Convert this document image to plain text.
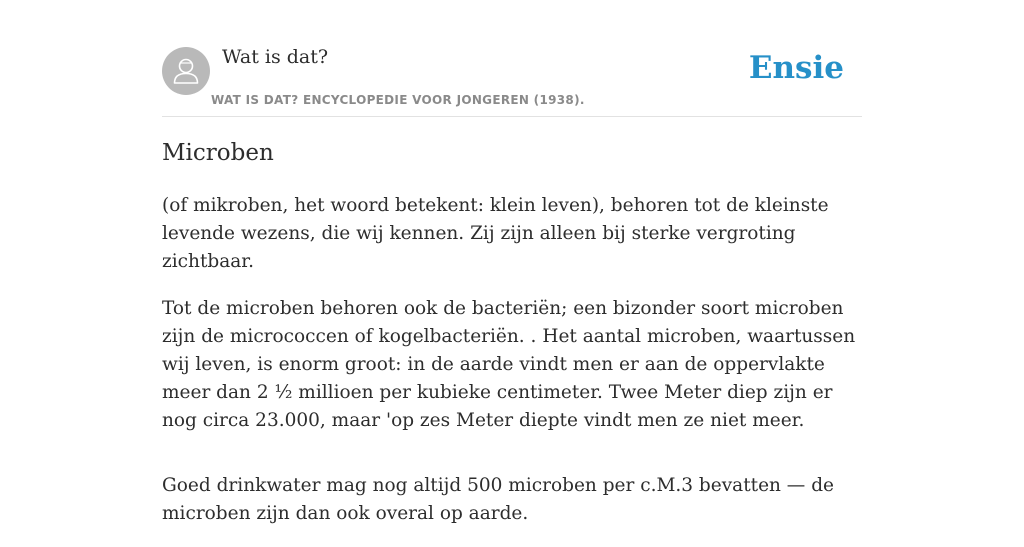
Wat is dat?
WAT IS DAT? ENCYCLOPEDIE VOOR JONGEREN (1938).
Ensie
Microben

(of mikroben, het woord betekent: klein leven), behoren tot de kleinste levende wezens, die wij kennen. Zij zijn alleen bij sterke vergroting zichtbaar.

Tot de microben behoren ook de bacteriën; een bizonder soort microben zijn de micrococcen of kogelbacteriën. . Het aantal microben, waartussen wij leven, is enorm groot: in de aarde vindt men er aan de oppervlakte meer dan 2 ½ millioen per kubieke centimeter. Twee Meter diep zijn er nog circa 23.000, maar 'op zes Meter diepte vindt men ze niet meer.

Goed drinkwater mag nog altijd 500 microben per c.M.3 bevatten — de microben zijn dan ook overal op aarde.
